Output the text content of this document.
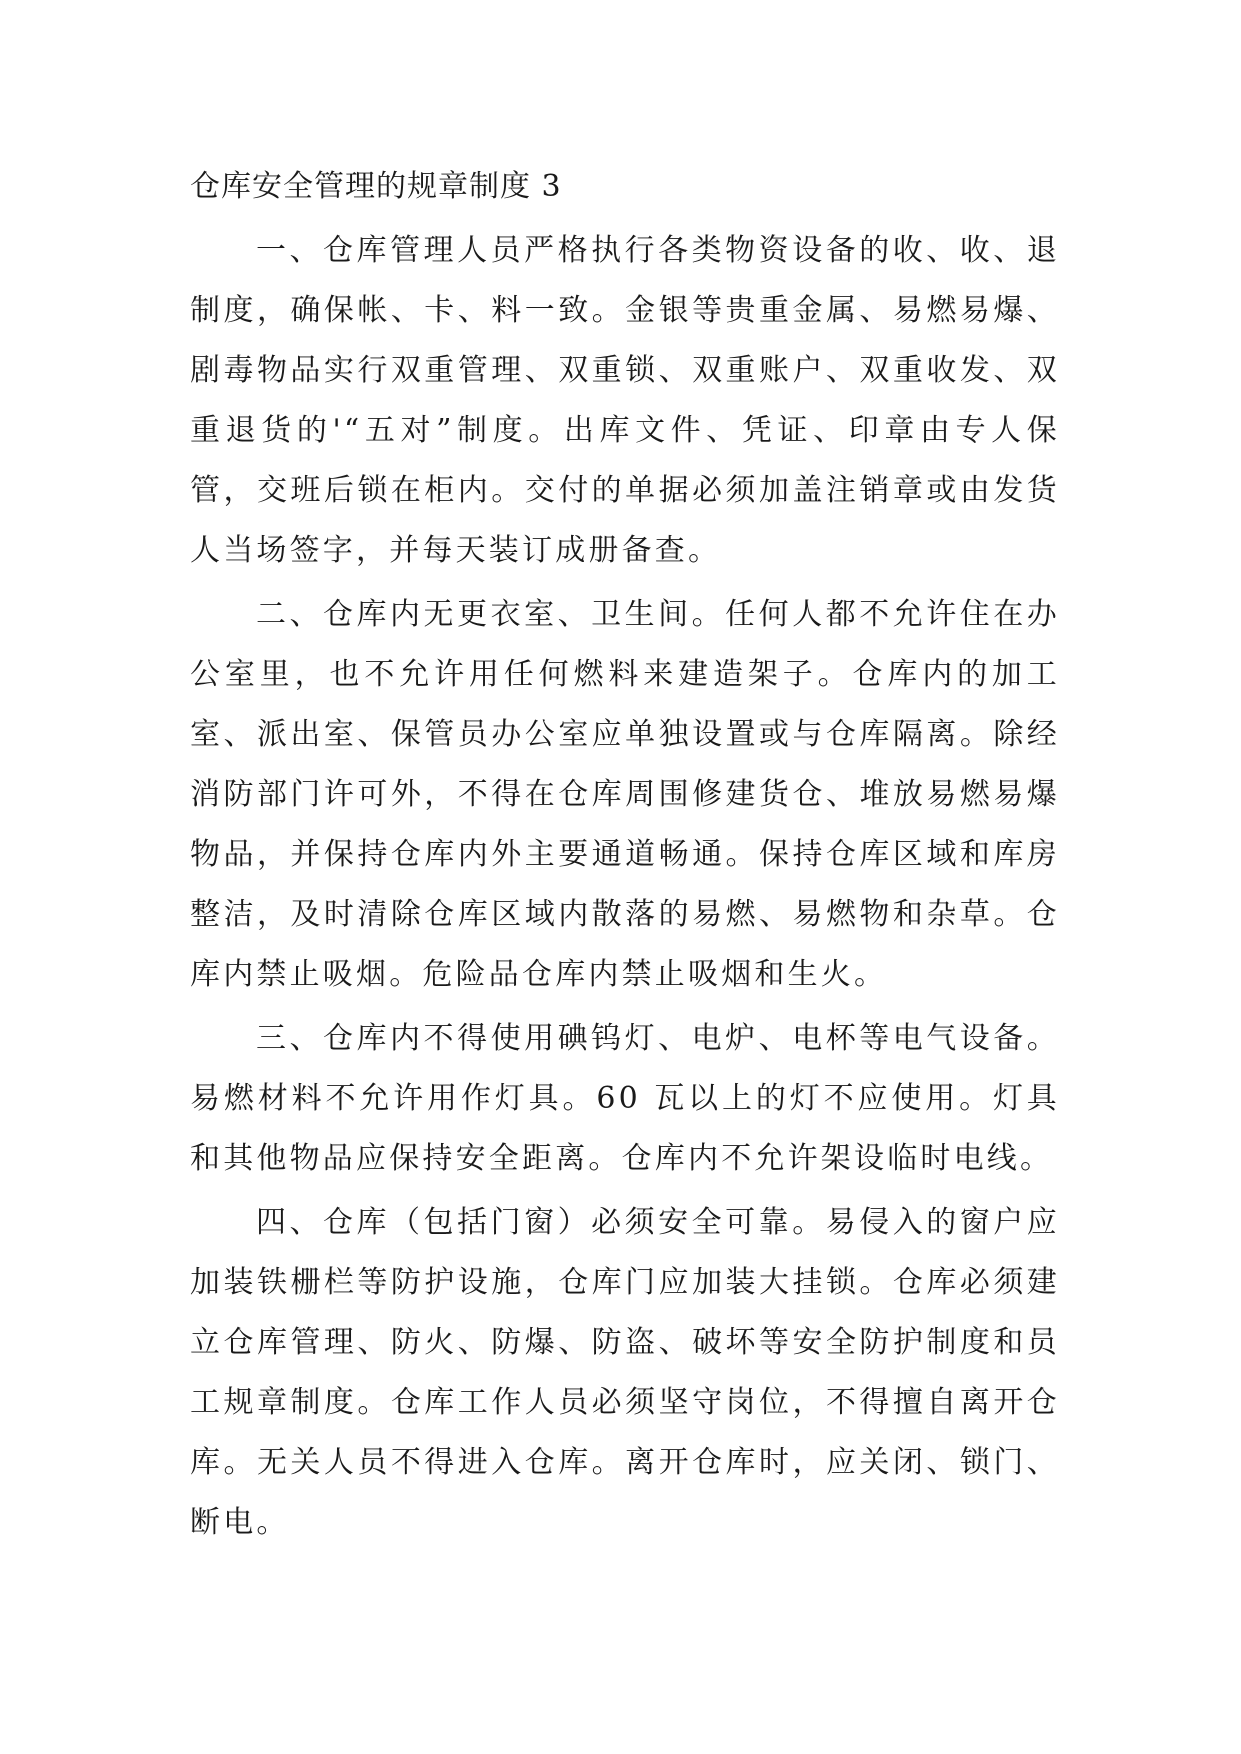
仓库安全管理的规章制度 3

一、仓库管理人员严格执行各类物资设备的收、收、退制度，确保帐、卡、料一致。金银等贵重金属、易燃易爆、剧毒物品实行双重管理、双重锁、双重账户、双重收发、双重退货的'“五对”制度。出库文件、凭证、印章由专人保管，交班后锁在柜内。交付的单据必须加盖注销章或由发货人当场签字，并每天装订成册备查。

二、仓库内无更衣室、卫生间。任何人都不允许住在办公室里，也不允许用任何燃料来建造架子。仓库内的加工室、派出室、保管员办公室应单独设置或与仓库隔离。除经消防部门许可外，不得在仓库周围修建货仓、堆放易燃易爆物品，并保持仓库内外主要通道畅通。保持仓库区域和库房整洁，及时清除仓库区域内散落的易燃、易燃物和杂草。仓库内禁止吸烟。危险品仓库内禁止吸烟和生火。

三、仓库内不得使用碘钨灯、电炉、电杯等电气设备。易燃材料不允许用作灯具。60 瓦以上的灯不应使用。灯具和其他物品应保持安全距离。仓库内不允许架设临时电线。

四、仓库（包括门窗）必须安全可靠。易侵入的窗户应加装铁栅栏等防护设施，仓库门应加装大挂锁。仓库必须建立仓库管理、防火、防爆、防盗、破坏等安全防护制度和员工规章制度。仓库工作人员必须坚守岗位，不得擅自离开仓库。无关人员不得进入仓库。离开仓库时，应关闭、锁门、断电。
